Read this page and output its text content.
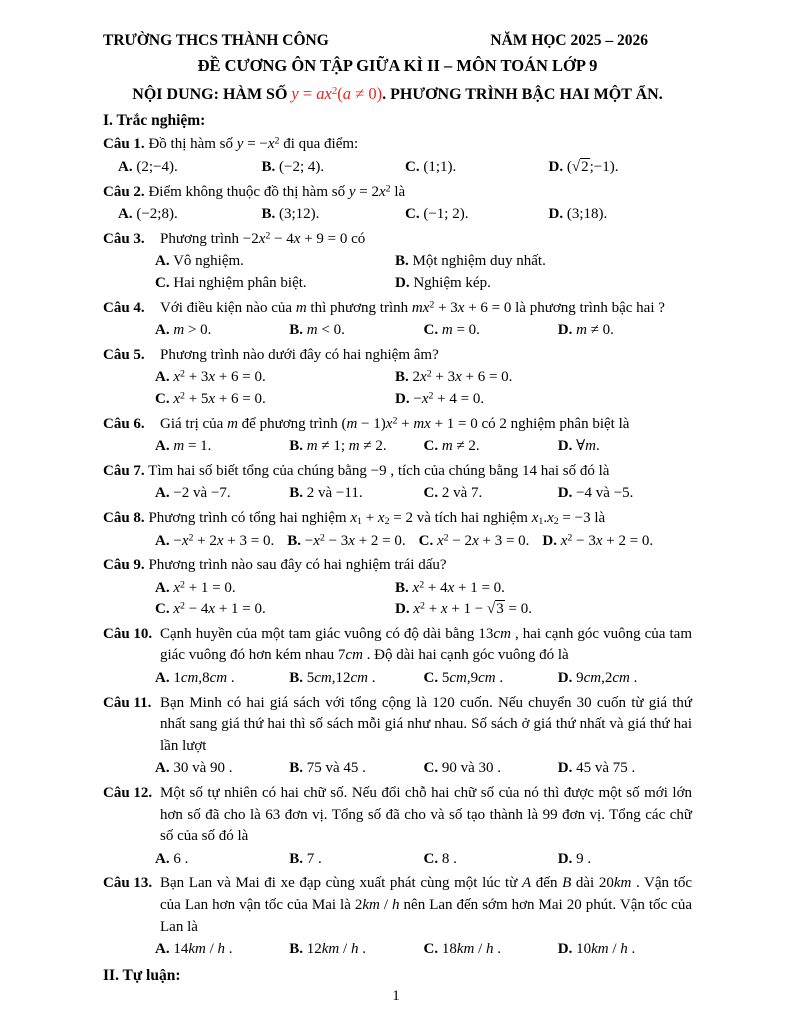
TRƯỜNG THCS THÀNH CÔNG	NĂM HỌC 2025 – 2026
ĐỀ CƯƠNG ÔN TẬP GIỮA KÌ II – MÔN TOÁN LỚP 9
NỘI DUNG: HÀM SỐ $y = ax^2(a \ne 0)$. PHƯƠNG TRÌNH BẬC HAI MỘT ẨN.
I. Trắc nghiệm:

Câu 1. Đồ thị hàm số $y = -x^2$ đi qua điểm:

A. (2;−4).	B. (−2; 4).	C. (1;1).	D. (√2;−1).

Câu 2. Điểm không thuộc đồ thị hàm số $y = 2x^2$ là

A. (−2;8).	B. (3;12).	C. (−1; 2).	D. (3;18).

Câu 3. Phương trình $-2x^2 - 4x + 9 = 0$ có

A. Vô nghiệm.	B. Một nghiệm duy nhất.
C. Hai nghiệm phân biệt.	D. Nghiệm kép.

Câu 4. Với điều kiện nào của m thì phương trình $mx^2 + 3x + 6 = 0$ là phương trình bậc hai ?

A. m > 0.	B. m < 0.	C. m = 0.	D. m ≠ 0.

Câu 5. Phương trình nào dưới đây có hai nghiệm âm?

A. $x^2 + 3x + 6 = 0$.	B. $2x^2 + 3x + 6 = 0$.
C. $x^2 + 5x + 6 = 0$.	D. $-x^2 + 4 = 0$.

Câu 6. Giá trị của m để phương trình $(m - 1)x^2$ + mx + 1 = 0 có 2 nghiệm phân biệt là

A. m = 1.	B. m ≠ 1; m ≠ 2.	C. m ≠ 2.	D. ∀m.

Câu 7. Tìm hai số biết tổng của chúng bằng −9 , tích của chúng bằng 14 hai số đó là

A. −2 và −7.	B. 2 và −11.	C. 2 và 7.	D. −4 và −5.

Câu 8. Phương trình có tổng hai nghiệm $x_1 + x_2 = 2$ và tích hai nghiệm $x_1.x_2 = -3$ là

A. $-x^2 + 2x + 3 = 0$. B. $-x^2 - 3x + 2 = 0$. C. $x^2 - 2x + 3 = 0$. D. $x^2 - 3x + 2 = 0$.

Câu 9. Phương trình nào sau đây có hai nghiệm trái dấu?

A. $x^2 + 1 = 0$.	B. $x^2 + 4x + 1 = 0$.
C. $x^2 - 4x + 1 = 0$.	D. $x^2 + x + 1 - √3 = 0$.

Câu 10. Cạnh huyền của một tam giác vuông có độ dài bằng 13cm , hai cạnh góc vuông của tam giác vuông đó hơn kém nhau 7cm . Độ dài hai cạnh góc vuông đó là

A. 1cm,8cm .	B. 5cm,12cm .	C. 5cm,9cm .	D. 9cm,2cm .

Câu 11. Bạn Minh có hai giá sách với tổng cộng là 120 cuốn. Nếu chuyển 30 cuốn từ giá thứ nhất sang giá thứ hai thì số sách mỗi giá như nhau. Số sách ở giá thứ nhất và giá thứ hai lần lượt

A. 30 và 90 .	B. 75 và 45 .	C. 90 và 30 .	D. 45 và 75 .

Câu 12. Một số tự nhiên có hai chữ số. Nếu đổi chỗ hai chữ số của nó thì được một số mới lớn hơn số đã cho là 63 đơn vị. Tổng số đã cho và số tạo thành là 99 đơn vị. Tổng các chữ số của số đó là

A. 6 .	B. 7 .	C. 8 .	D. 9 .

Câu 13. Bạn Lan và Mai đi xe đạp cùng xuất phát cùng một lúc từ A đến B dài 20km . Vận tốc của Lan hơn vận tốc của Mai là 2km / h nên Lan đến sớm hơn Mai 20 phút. Vận tốc của Lan là

A. 14km / h .	B. 12km / h .	C. 18km / h .	D. 10km / h .
II. Tự luận:
1
